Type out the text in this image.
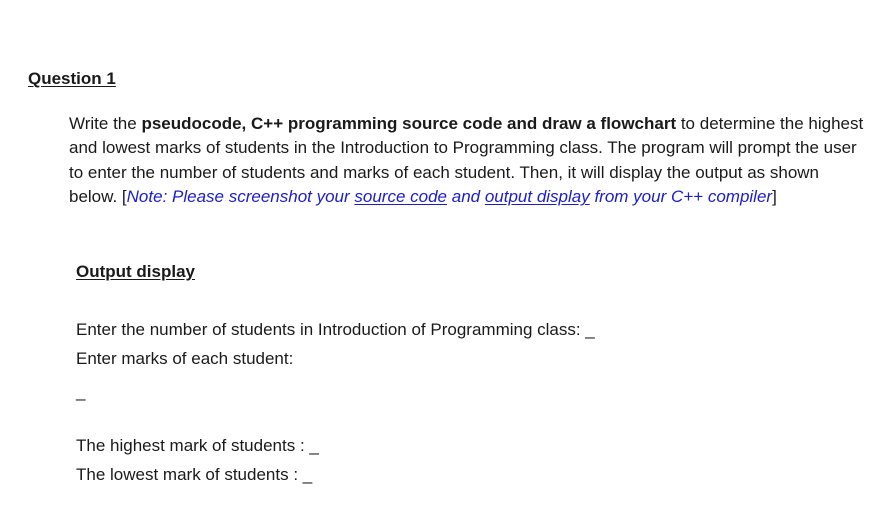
Question 1
Write the pseudocode, C++ programming source code and draw a flowchart to determine the highest and lowest marks of students in the Introduction to Programming class. The program will prompt the user to enter the number of students and marks of each student. Then, it will display the output as shown below. [Note: Please screenshot your source code and output display from your C++ compiler]
Output display
Enter the number of students in Introduction of Programming class: _
Enter marks of each student:
_
The highest mark of students : _
The lowest mark of students : _
